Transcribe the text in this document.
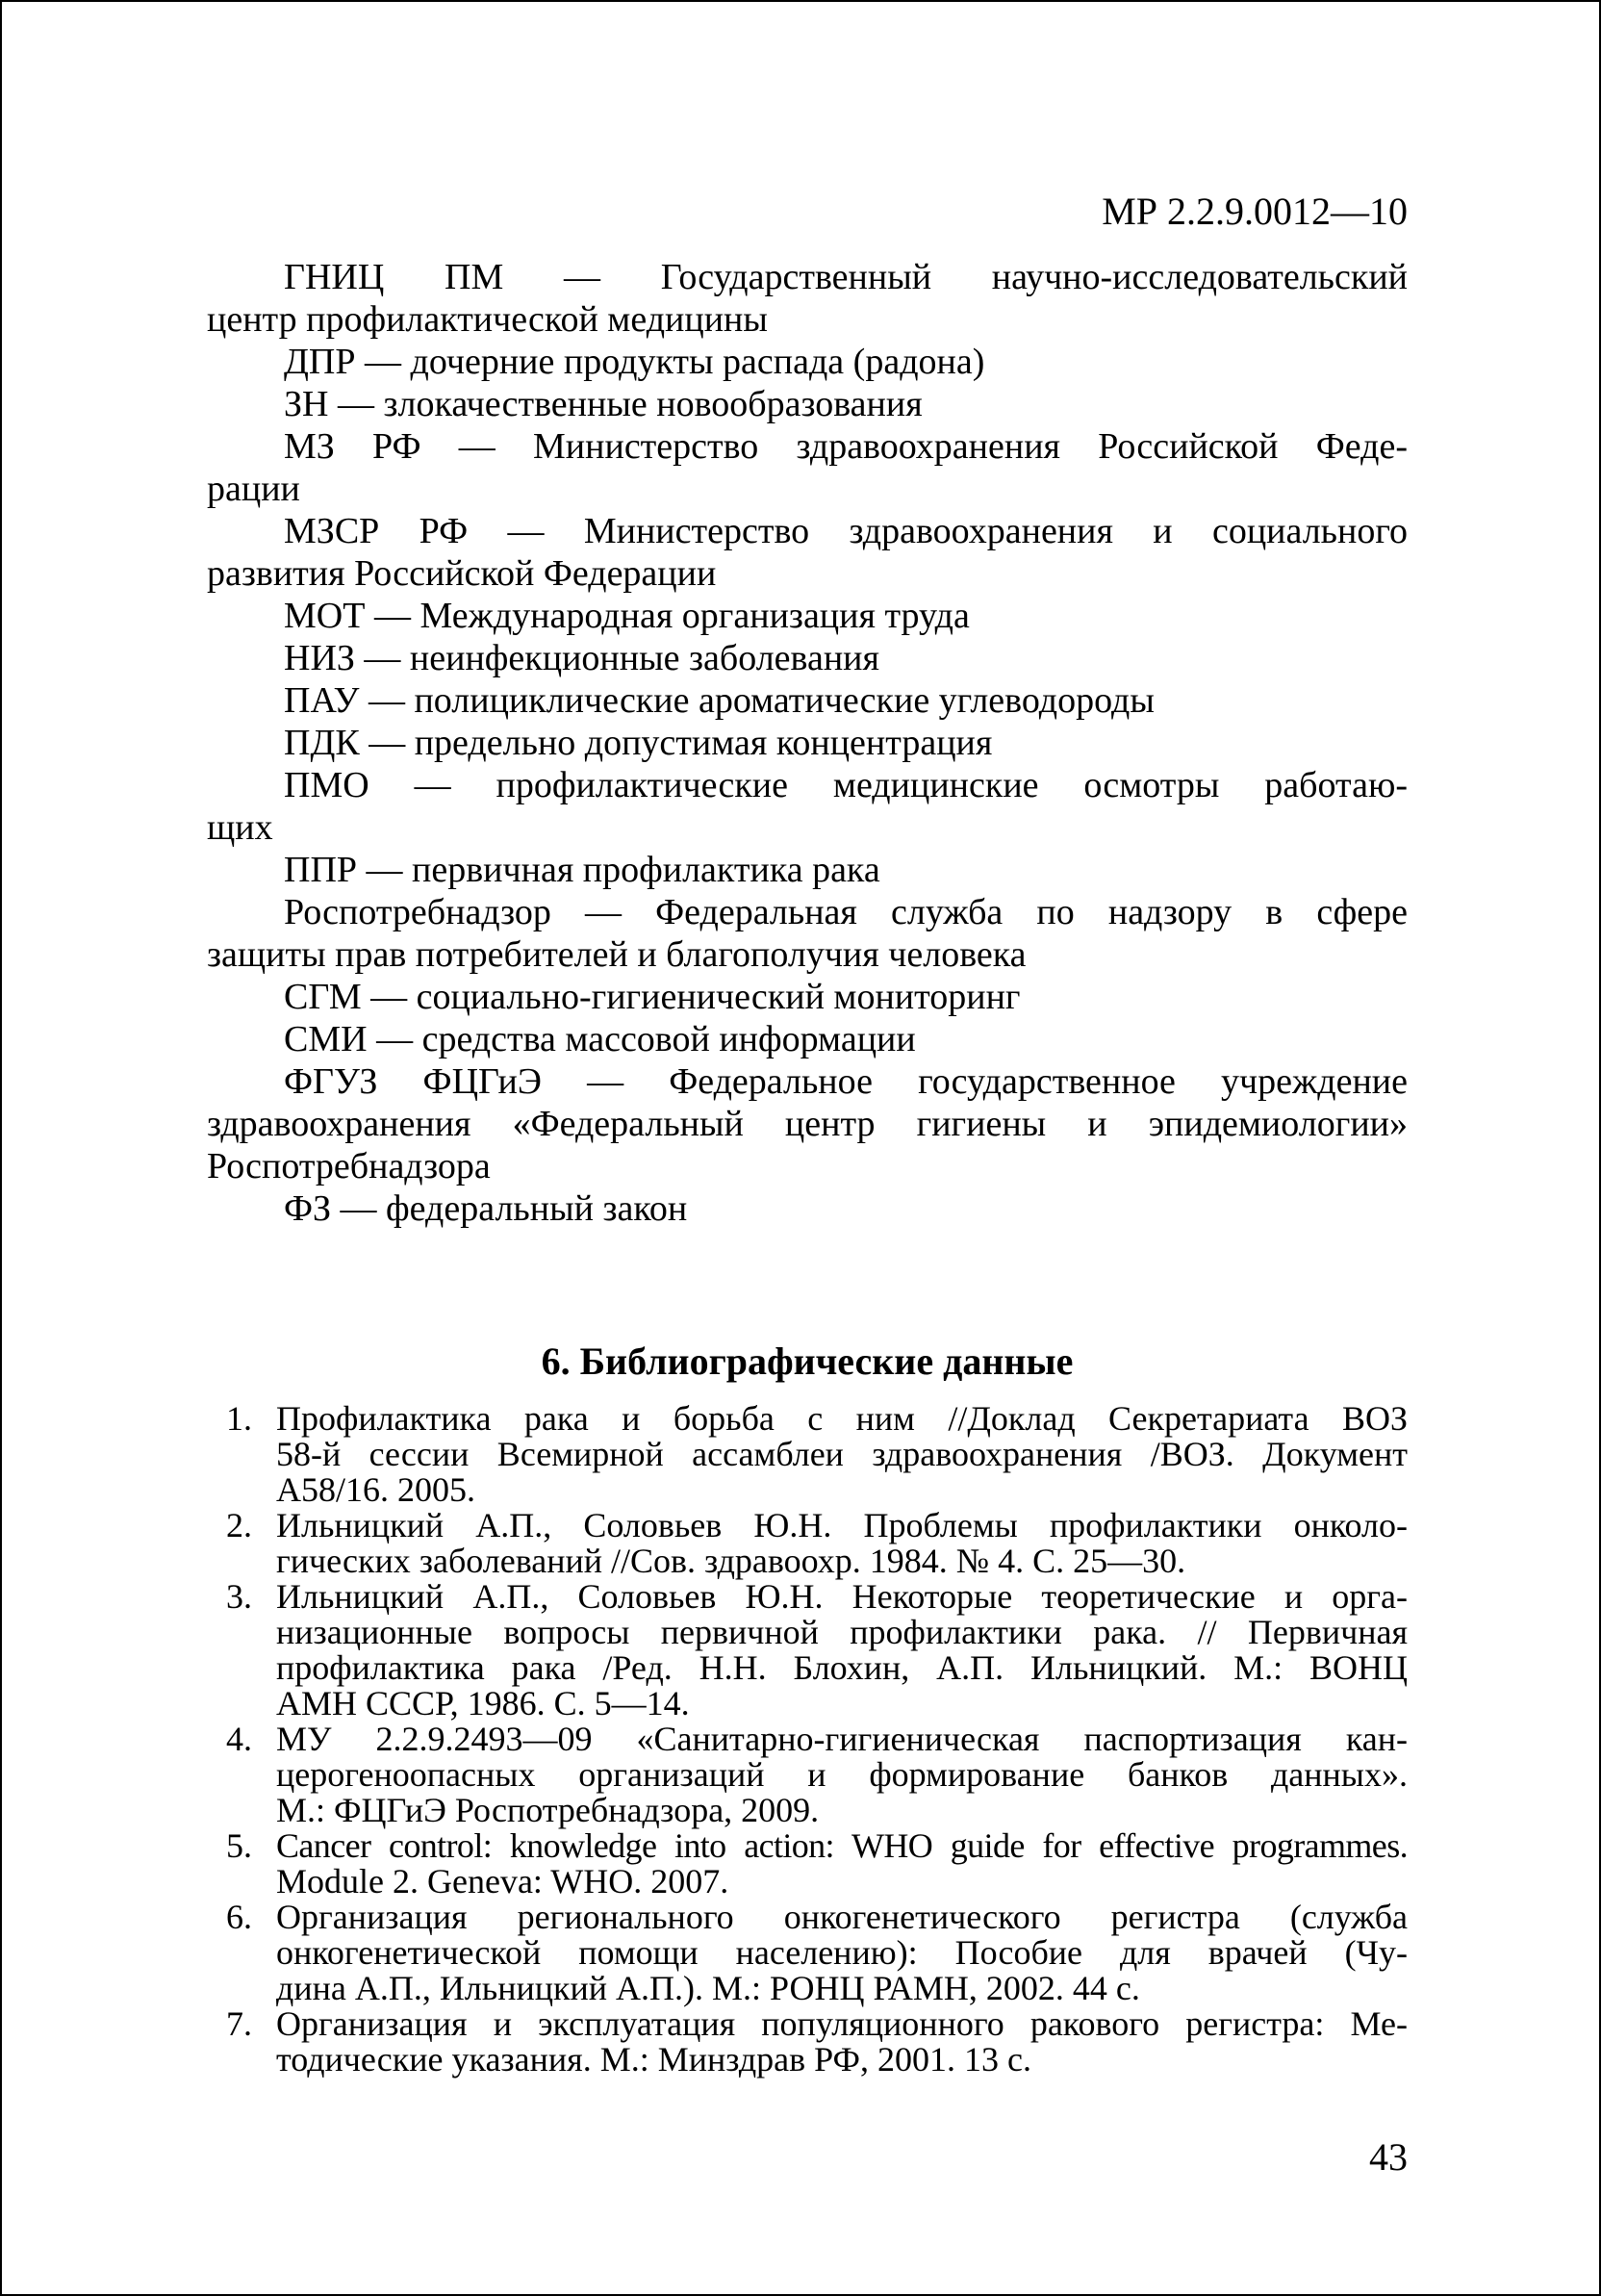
МР 2.2.9.0012—10
ГНИЦ ПМ — Государственный научно-исследовательский
центр профилактической медицины
ДПР — дочерние продукты распада (радона)
ЗН — злокачественные новообразования
МЗ РФ — Министерство здравоохранения Российской Феде-
рации
МЗСР РФ — Министерство здравоохранения и социального
развития Российской Федерации
МОТ — Международная организация труда
НИЗ — неинфекционные заболевания
ПАУ — полициклические ароматические углеводороды
ПДК — предельно допустимая концентрация
ПМО — профилактические медицинские осмотры работаю-
щих
ППР — первичная профилактика рака
Роспотребнадзор — Федеральная служба по надзору в сфере
защиты прав потребителей и благополучия человека
СГМ — социально-гигиенический мониторинг
СМИ — средства массовой информации
ФГУЗ ФЦГиЭ — Федеральное государственное учреждение
здравоохранения «Федеральный центр гигиены и эпидемиологии»
Роспотребнадзора
ФЗ — федеральный закон
6. Библиографические данные
1. Профилактика рака и борьба с ним //Доклад Секретариата ВОЗ
58-й сессии Всемирной ассамблеи здравоохранения /ВОЗ. Документ
А58/16. 2005.
2. Ильницкий А.П., Соловьев Ю.Н. Проблемы профилактики онколо-
гических заболеваний //Сов. здравоохр. 1984. № 4. С. 25—30.
3. Ильницкий А.П., Соловьев Ю.Н. Некоторые теоретические и орга-
низационные вопросы первичной профилактики рака. // Первичная
профилактика рака /Ред. Н.Н. Блохин, А.П. Ильницкий. М.: ВОНЦ
АМН СССР, 1986. С. 5—14.
4. МУ 2.2.9.2493—09 «Санитарно-гигиеническая паспортизация кан-
церогеноопасных организаций и формирование банков данных».
М.: ФЦГиЭ Роспотребнадзора, 2009.
5. Cancer control: knowledge into action: WHO guide for effective programmes.
Module 2. Geneva: WHO. 2007.
6. Организация регионального онкогенетического регистра (служба
онкогенетической помощи населению): Пособие для врачей (Чу-
дина А.П., Ильницкий А.П.). М.: РОНЦ РАМН, 2002. 44 с.
7. Организация и эксплуатация популяционного ракового регистра: Ме-
тодические указания. М.: Минздрав РФ, 2001. 13 с.
43
